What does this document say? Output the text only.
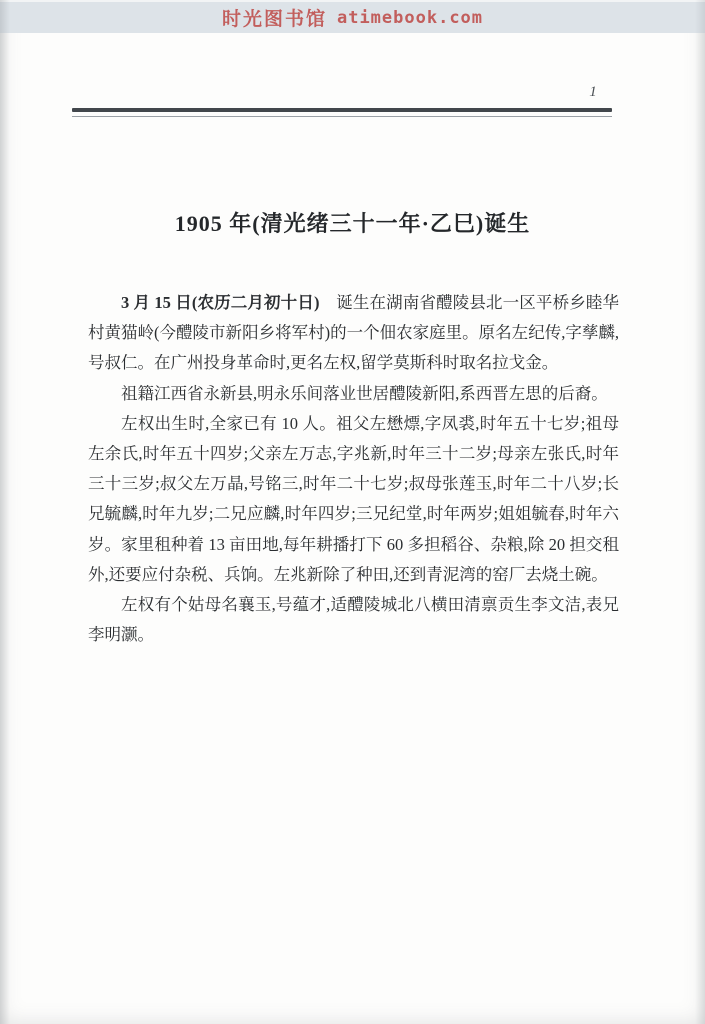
时光图书馆 atimebook.com
1
1905 年(清光绪三十一年·乙巳)诞生

3 月 15 日(农历二月初十日)　诞生在湖南省醴陵县北一区平桥乡睦华村黄猫岭(今醴陵市新阳乡将军村)的一个佃农家庭里。原名左纪传,字孳麟,号叔仁。在广州投身革命时,更名左权,留学莫斯科时取名拉戈金。

祖籍江西省永新县,明永乐间落业世居醴陵新阳,系西晋左思的后裔。

左权出生时,全家已有 10 人。祖父左懋熛,字凤裘,时年五十七岁;祖母左余氏,时年五十四岁;父亲左万志,字兆新,时年三十二岁;母亲左张氏,时年三十三岁;叔父左万晶,号铭三,时年二十七岁;叔母张莲玉,时年二十八岁;长兄毓麟,时年九岁;二兄应麟,时年四岁;三兄纪堂,时年两岁;姐姐毓春,时年六岁。家里租种着 13 亩田地,每年耕播打下 60 多担稻谷、杂粮,除 20 担交租外,还要应付杂税、兵饷。左兆新除了种田,还到青泥湾的窑厂去烧土碗。

左权有个姑母名襄玉,号蕴才,适醴陵城北八横田清禀贡生李文洁,表兄李明灏。
